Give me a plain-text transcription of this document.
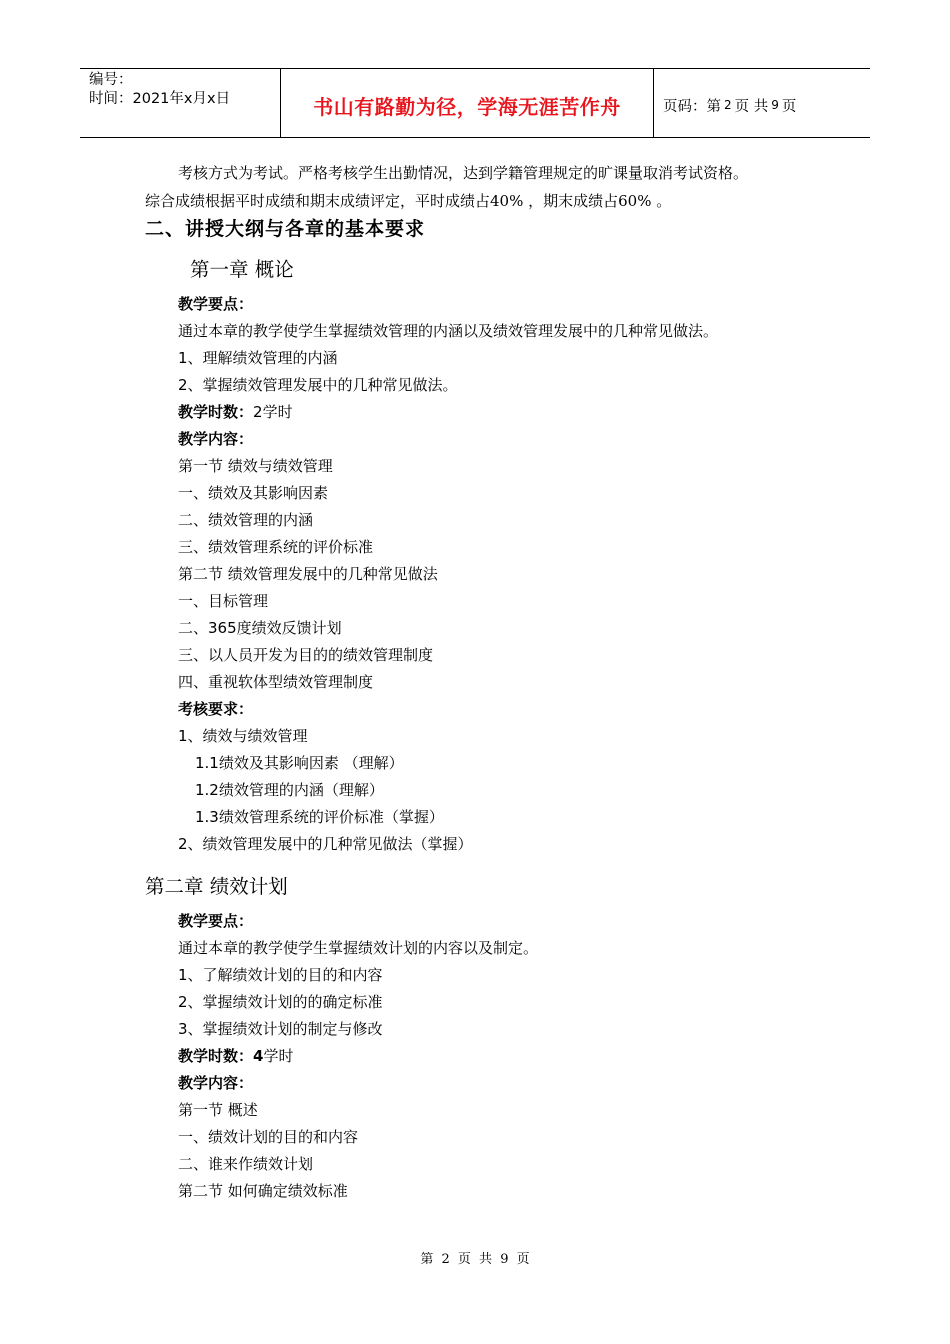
编号：
时间：2021年x月x日	书山有路勤为径，学海无涯苦作舟	页码：第 2 页 共 9 页
考核方式为考试。严格考核学生出勤情况，达到学籍管理规定的旷课量取消考试资格。
综合成绩根据平时成绩和期末成绩评定，平时成绩占40% ，期末成绩占60% 。
二、讲授大纲与各章的基本要求
第一章 概论
教学要点：
通过本章的教学使学生掌握绩效管理的内涵以及绩效管理发展中的几种常见做法。
1、理解绩效管理的内涵
2、掌握绩效管理发展中的几种常见做法。
教学时数：2学时
教学内容：
第一节 绩效与绩效管理
一、绩效及其影响因素
二、绩效管理的内涵
三、绩效管理系统的评价标准
第二节 绩效管理发展中的几种常见做法
一、目标管理
二、365度绩效反馈计划
三、以人员开发为目的的绩效管理制度
四、重视软体型绩效管理制度
考核要求：
1、绩效与绩效管理
1.1绩效及其影响因素 （理解）
1.2绩效管理的内涵（理解）
1.3绩效管理系统的评价标准（掌握）
2、绩效管理发展中的几种常见做法（掌握）
第二章 绩效计划
教学要点：
通过本章的教学使学生掌握绩效计划的内容以及制定。
1、了解绩效计划的目的和内容
2、掌握绩效计划的的确定标准
3、掌握绩效计划的制定与修改
教学时数：4学时
教学内容：
第一节 概述
一、绩效计划的目的和内容
二、谁来作绩效计划
第二节 如何确定绩效标准
第 2 页 共 9 页
